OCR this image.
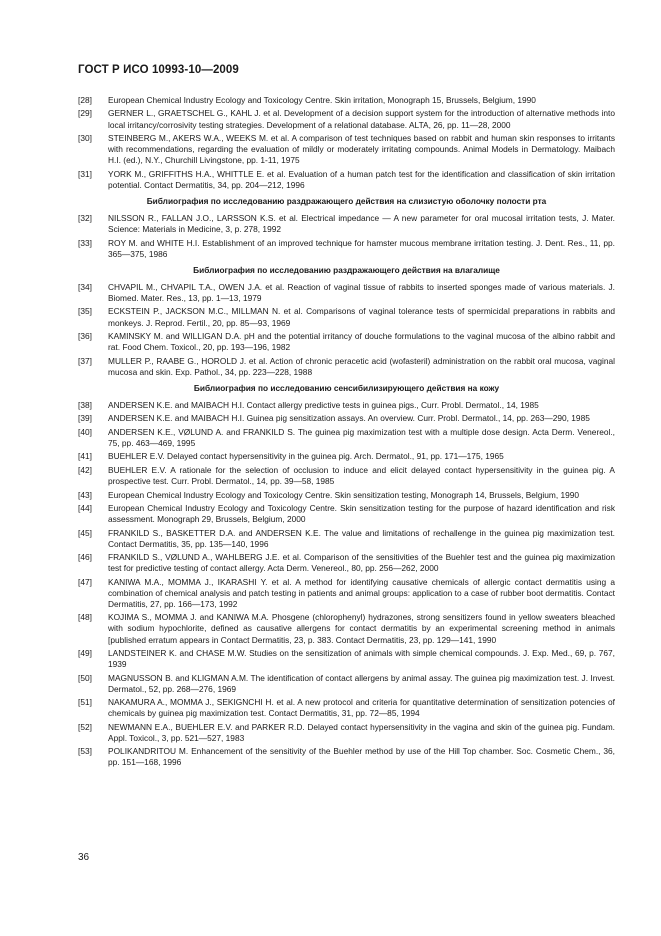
ГОСТ Р ИСО 10993-10—2009
[28]	European Chemical Industry Ecology and Toxicology Centre. Skin irritation, Monograph 15, Brussels, Belgium, 1990
[29]	GERNER L., GRAETSCHEL G., KAHL J. et al. Development of a decision support system for the introduction of alternative methods into local irritancy/corrosivity testing strategies. Development of a relational database. ALTA, 26, pp. 11—28, 2000
[30]	STEINBERG M., AKERS W.A., WEEKS M. et al. A comparison of test techniques based on rabbit and human skin responses to irritants with recommendations, regarding the evaluation of mildly or moderately irritating compounds. Animal Models in Dermatology. Maibach H.I. (ed.), N.Y., Churchill Livingstone, pp. 1-11, 1975
[31]	YORK M., GRIFFITHS H.A., WHITTLE E. et al. Evaluation of a human patch test for the identification and classification of skin irritation potential. Contact Dermatitis, 34, pp. 204—212, 1996
Библиография по исследованию раздражающего действия на слизистую оболочку полости рта
[32]	NILSSON R., FALLAN J.O., LARSSON K.S. et al. Electrical impedance — A new parameter for oral mucosal irritation tests, J. Mater. Science: Materials in Medicine, 3, p. 278, 1992
[33]	ROY M. and WHITE H.I. Establishment of an improved technique for hamster mucous membrane irritation testing. J. Dent. Res., 11, pp. 365—375, 1986
Библиография по исследованию раздражающего действия на влагалище
[34]	CHVAPIL M., CHVAPIL T.A., OWEN J.A. et al. Reaction of vaginal tissue of rabbits to inserted sponges made of various materials. J. Biomed. Mater. Res., 13, pp. 1—13, 1979
[35]	ECKSTEIN P., JACKSON M.C., MILLMAN N. et al. Comparisons of vaginal tolerance tests of spermicidal preparations in rabbits and monkeys. J. Reprod. Fertil., 20, pp. 85—93, 1969
[36]	KAMINSKY M. and WILLIGAN D.A. pH and the potential irritancy of douche formulations to the vaginal mucosa of the albino rabbit and rat. Food Chem. Toxicol., 20, pp. 193—196, 1982
[37]	MULLER P., RAABE G., HOROLD J. et al. Action of chronic peracetic acid (wofasteril) administration on the rabbit oral mucosa, vaginal mucosa and skin. Exp. Pathol., 34, pp. 223—228, 1988
Библиография по исследованию сенсибилизирующего действия на кожу
[38]	ANDERSEN K.E. and MAIBACH H.I. Contact allergy predictive tests in guinea pigs., Curr. Probl. Dermatol., 14, 1985
[39]	ANDERSEN K.E. and MAIBACH H.I. Guinea pig sensitization assays. An overview. Curr. Probl. Dermatol., 14, pp. 263—290, 1985
[40]	ANDERSEN K.E., VØLUND A. and FRANKILD S. The guinea pig maximization test with a multiple dose design. Acta Derm. Venereol., 75, pp. 463—469, 1995
[41]	BUEHLER E.V. Delayed contact hypersensitivity in the guinea pig. Arch. Dermatol., 91, pp. 171—175, 1965
[42]	BUEHLER E.V. A rationale for the selection of occlusion to induce and elicit delayed contact hypersensitivity in the guinea pig. A prospective test. Curr. Probl. Dermatol., 14, pp. 39—58, 1985
[43]	European Chemical Industry Ecology and Toxicology Centre. Skin sensitization testing, Monograph 14, Brussels, Belgium, 1990
[44]	European Chemical Industry Ecology and Toxicology Centre. Skin sensitization testing for the purpose of hazard identification and risk assessment. Monograph 29, Brussels, Belgium, 2000
[45]	FRANKILD S., BASKETTER D.A. and ANDERSEN K.E. The value and limitations of rechallenge in the guinea pig maximization test. Contact Dermatitis, 35, pp. 135—140, 1996
[46]	FRANKILD S., VØLUND A., WAHLBERG J.E. et al. Comparison of the sensitivities of the Buehler test and the guinea pig maximization test for predictive testing of contact allergy. Acta Derm. Venereol., 80, pp. 256—262, 2000
[47]	KANIWA M.A., MOMMA J., IKARASHI Y. et al. A method for identifying causative chemicals of allergic contact dermatitis using a combination of chemical analysis and patch testing in patients and animal groups: application to a case of rubber boot dermatitis. Contact Dermatitis, 27, pp. 166—173, 1992
[48]	KOJIMA S., MOMMA J. and KANIWA M.A. Phosgene (chlorophenyl) hydrazones, strong sensitizers found in yellow sweaters bleached with sodium hypochlorite, defined as causative allergens for contact dermatitis by an experimental screening method in animals [published erratum appears in Contact Dermatitis, 23, p. 383. Contact Dermatitis, 23, pp. 129—141, 1990
[49]	LANDSTEINER K. and CHASE M.W. Studies on the sensitization of animals with simple chemical compounds. J. Exp. Med., 69, p. 767, 1939
[50]	MAGNUSSON B. and KLIGMAN A.M. The identification of contact allergens by animal assay. The guinea pig maximization test. J. Invest. Dermatol., 52, pp. 268—276, 1969
[51]	NAKAMURA A., MOMMA J., SEKIGNCHI H. et al. A new protocol and criteria for quantitative determination of sensitization potencies of chemicals by guinea pig maximization test. Contact Dermatitis, 31, pp. 72—85, 1994
[52]	NEWMANN E.A., BUEHLER E.V. and PARKER R.D. Delayed contact hypersensitivity in the vagina and skin of the guinea pig. Fundam. Appl. Toxicol., 3, pp. 521—527, 1983
[53]	POLIKANDRITOU M. Enhancement of the sensitivity of the Buehler method by use of the Hill Top chamber. Soc. Cosmetic Chem., 36, pp. 151—168, 1996
36
